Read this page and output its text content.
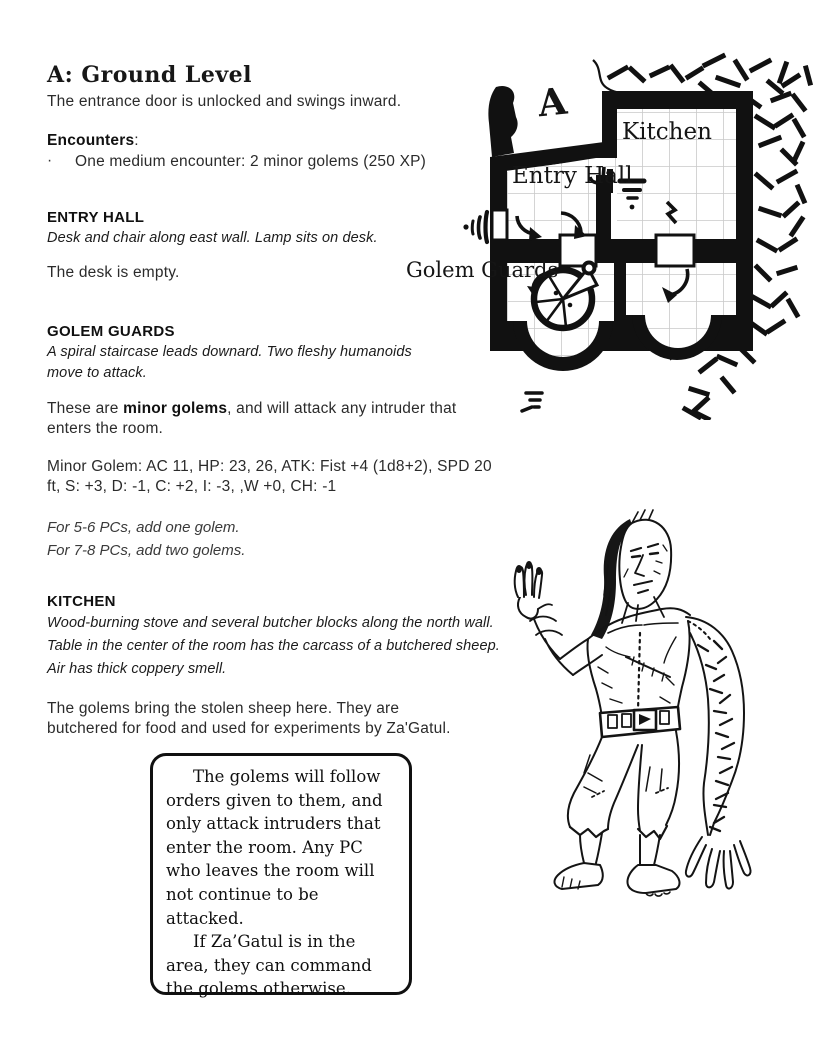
A: Ground Level

The entrance door is unlocked and swings inward.

Encounters:
·	One medium encounter: 2 minor golems (250 XP)
ENTRY HALL
Desk and chair along east wall. Lamp sits on desk.

The desk is empty.

GOLEM GUARDS
A spiral staircase leads downard. Two fleshy humanoids move to attack.

These are minor golems, and will attack any intruder that enters the room.

Minor Golem: AC 11, HP: 23, 26, ATK: Fist +4 (1d8+2), SPD 20 ft, S: +3, D: -1, C: +2, I: -3, ,W +0, CH: -1

For 5-6 PCs, add one golem.
For 7-8 PCs, add two golems.
KITCHEN
Wood-burning stove and several butcher blocks along the north wall.
Table in the center of the room has the carcass of a butchered sheep.
Air has thick coppery smell.

The golems bring the stolen sheep here. They are butchered for food and used for experiments by Za'Gatul.

The golems will follow orders given to them, and only attack intruders that enter the room. Any PC who leaves the room will not continue to be attacked.

If Za’Gatul is in the area, they can command the golems otherwise.

A
Kitchen
Entry Hall
Golem Guards
